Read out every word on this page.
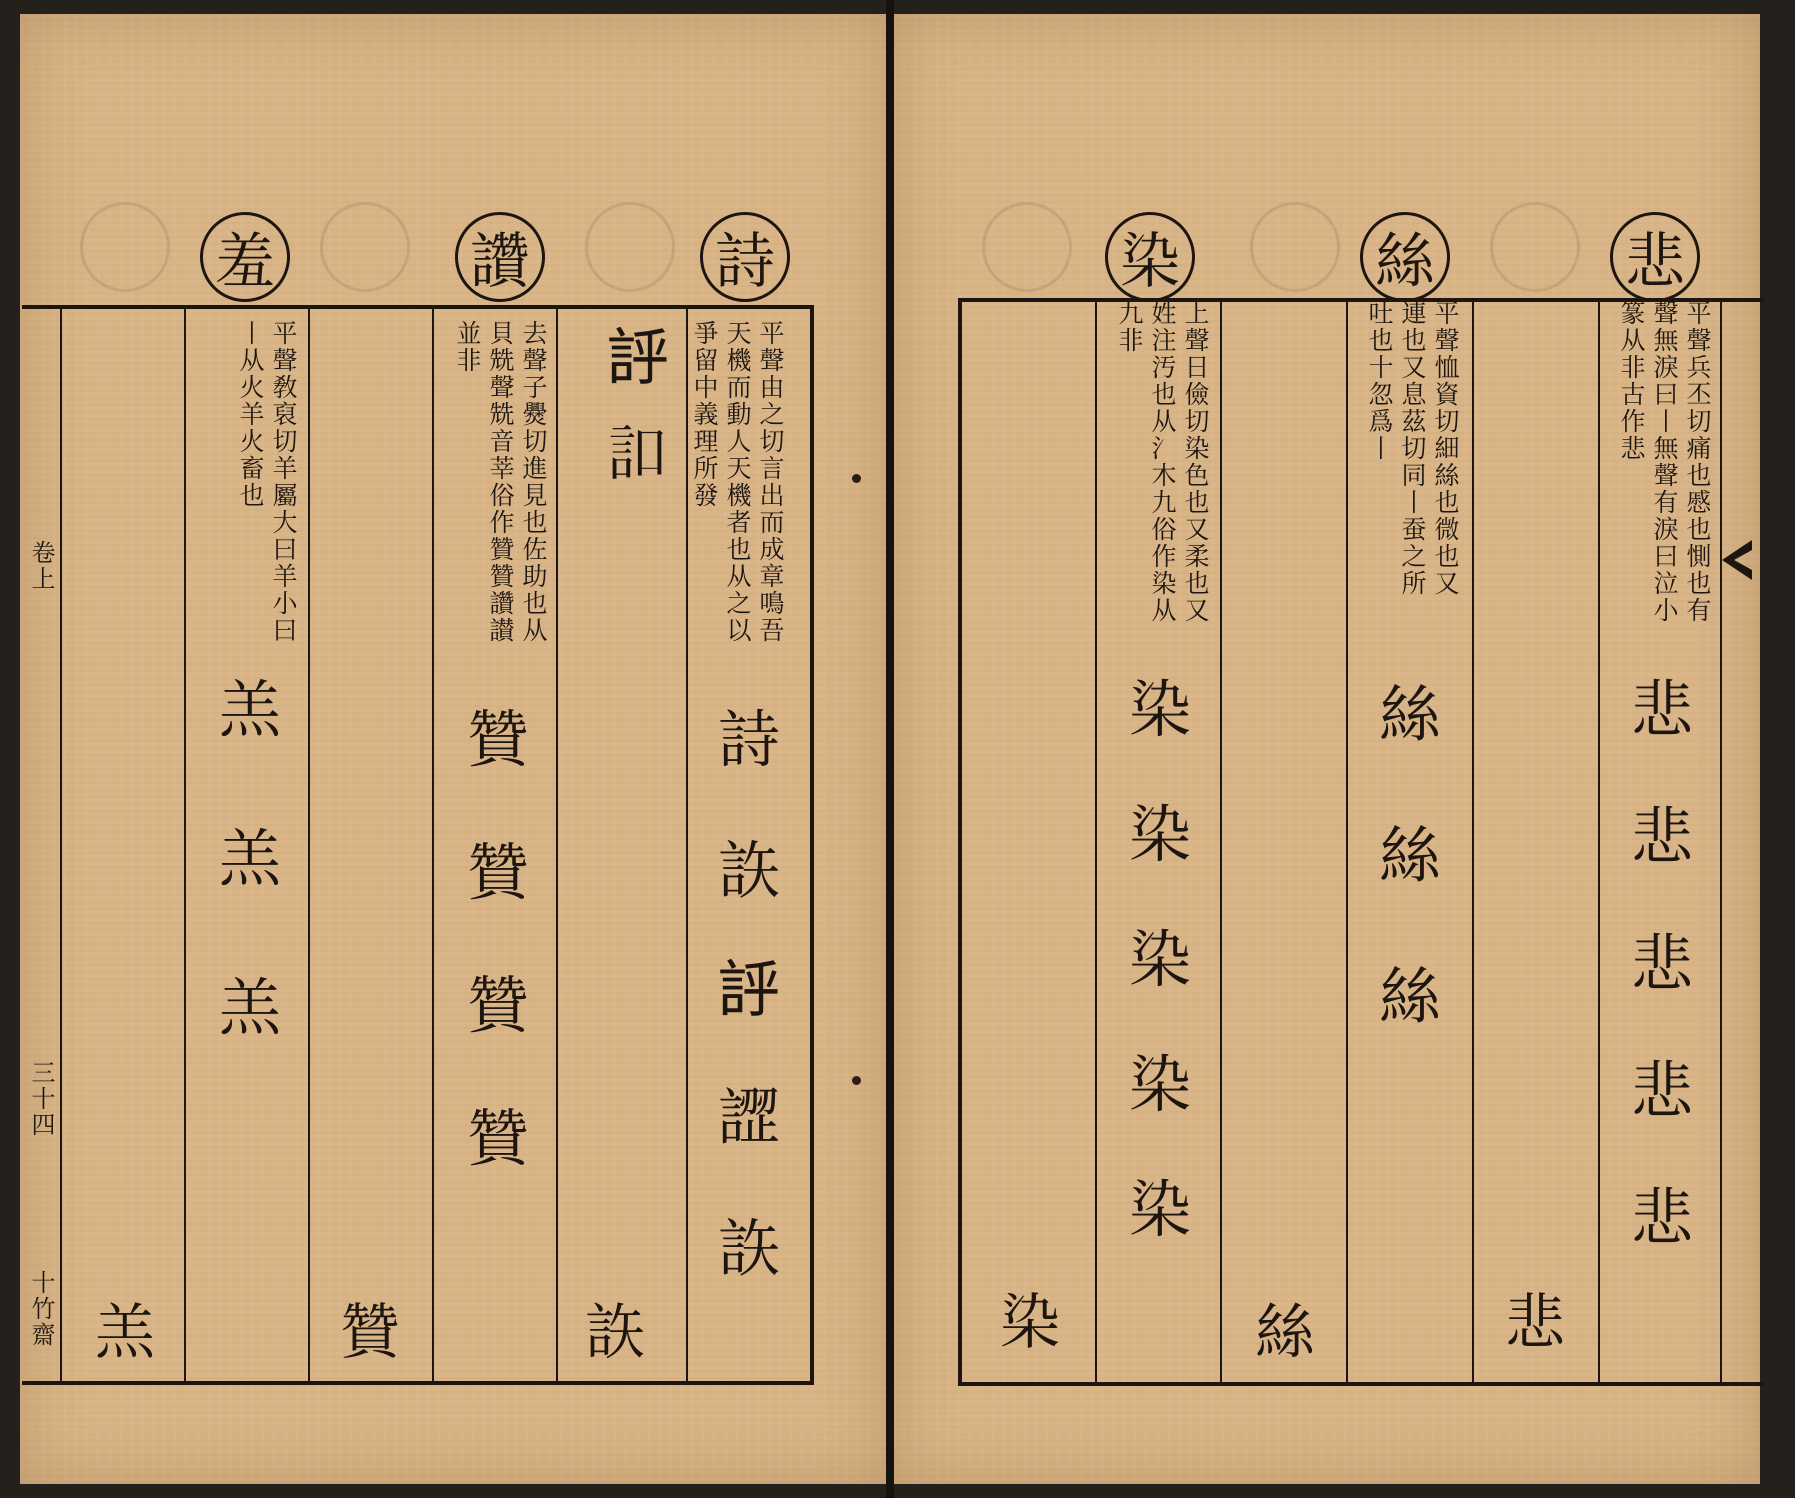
羞	讚	詩
平聲由之切言出而成章鳴吾天機而動人天機者也从之以爭留中義理所發
𧦝
𧥣
詩
䛈
𧦝
䜀
䛈
䛈
去聲子㸑切進見也佐助也从貝兟聲兟音莘俗作贊贊讚讃並非
贊
贊
贊
贊
贊
平聲敎裒切羊屬大曰羊小曰丨从火羊火畜也
羔
羔
羔
羔
卷上
三十四
十竹齋
悲
絲
染
平聲兵丕切痛也慼也惻也有聲無淚曰丨無聲有淚曰泣小篆从非古作悲
悲
悲
悲
悲
悲
悲
平聲恤資切細絲也微也又連也又息茲切同丨蚕之所吐也十忽爲丨
絲
絲
絲
絲
上聲日儉切染色也又柔也又姓注汚也从氵木九俗作染从九非
染
染
染
染
染
染
